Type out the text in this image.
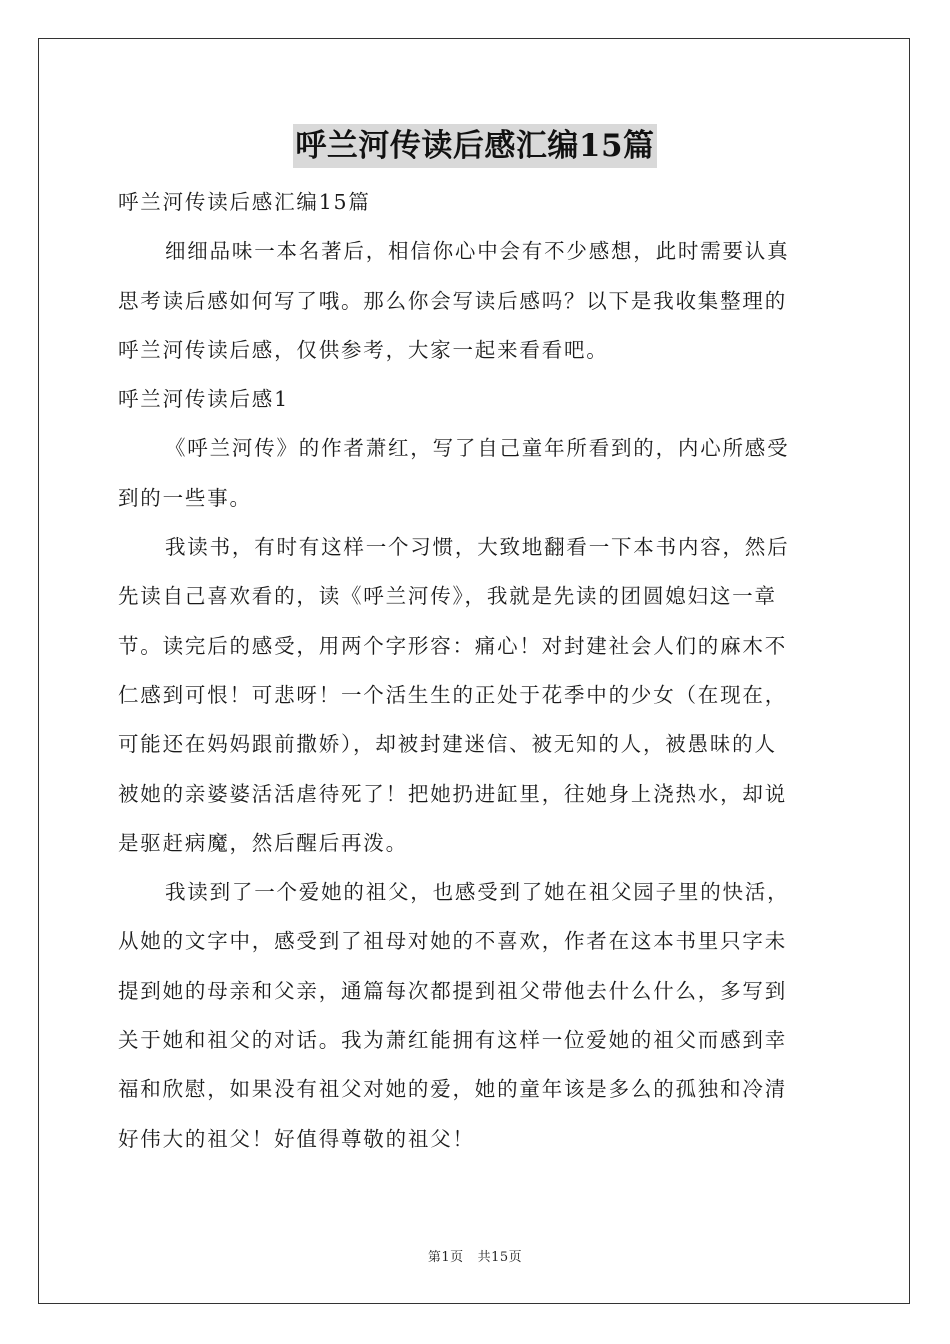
呼兰河传读后感汇编15篇

呼兰河传读后感汇编15篇

细细品味一本名著后，相信你心中会有不少感想，此时需要认真

思考读后感如何写了哦。那么你会写读后感吗？以下是我收集整理的

呼兰河传读后感，仅供参考，大家一起来看看吧。

呼兰河传读后感1

《呼兰河传》的作者萧红，写了自己童年所看到的，内心所感受

到的一些事。

我读书，有时有这样一个习惯，大致地翻看一下本书内容，然后

先读自己喜欢看的，读《呼兰河传》，我就是先读的团圆媳妇这一章

节。读完后的感受，用两个字形容：痛心！对封建社会人们的麻木不

仁感到可恨！可悲呀！一个活生生的正处于花季中的少女（在现在，

可能还在妈妈跟前撒娇），却被封建迷信、被无知的人，被愚昧的人

被她的亲婆婆活活虐待死了！把她扔进缸里，往她身上浇热水，却说

是驱赶病魔，然后醒后再泼。

我读到了一个爱她的祖父，也感受到了她在祖父园子里的快活，

从她的文字中，感受到了祖母对她的不喜欢，作者在这本书里只字未

提到她的母亲和父亲，通篇每次都提到祖父带他去什么什么，多写到

关于她和祖父的对话。我为萧红能拥有这样一位爱她的祖父而感到幸

福和欣慰，如果没有祖父对她的爱，她的童年该是多么的孤独和冷清

好伟大的祖父！好值得尊敬的祖父！

第1页 共15页
